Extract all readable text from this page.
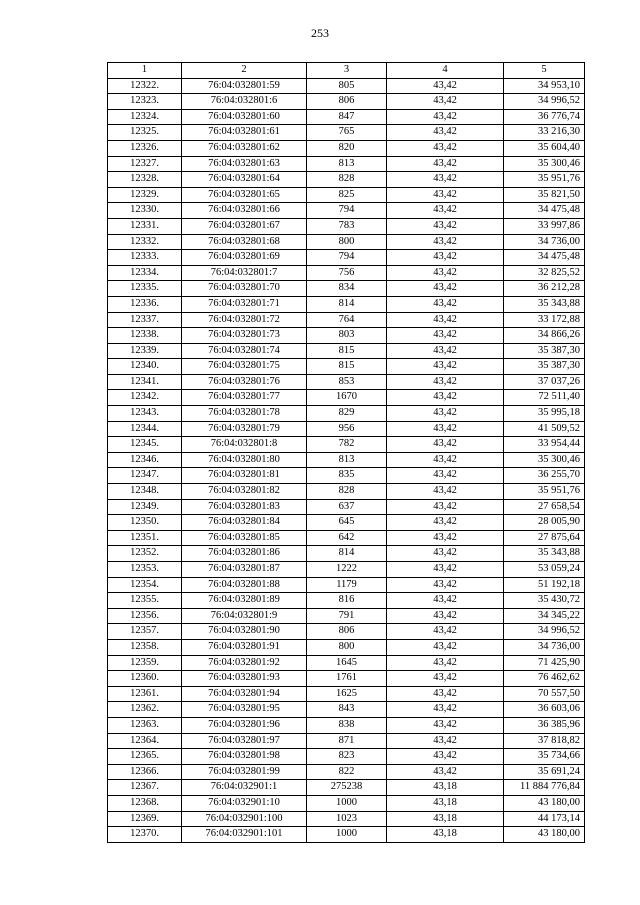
253
1	2	3	4	5
12322.	76:04:032801:59	805	43,42	34 953,10
12323.	76:04:032801:6	806	43,42	34 996,52
12324.	76:04:032801:60	847	43,42	36 776,74
12325.	76:04:032801:61	765	43,42	33 216,30
12326.	76:04:032801:62	820	43,42	35 604,40
12327.	76:04:032801:63	813	43,42	35 300,46
12328.	76:04:032801:64	828	43,42	35 951,76
12329.	76:04:032801:65	825	43,42	35 821,50
12330.	76:04:032801:66	794	43,42	34 475,48
12331.	76:04:032801:67	783	43,42	33 997,86
12332.	76:04:032801:68	800	43,42	34 736,00
12333.	76:04:032801:69	794	43,42	34 475,48
12334.	76:04:032801:7	756	43,42	32 825,52
12335.	76:04:032801:70	834	43,42	36 212,28
12336.	76:04:032801:71	814	43,42	35 343,88
12337.	76:04:032801:72	764	43,42	33 172,88
12338.	76:04:032801:73	803	43,42	34 866,26
12339.	76:04:032801:74	815	43,42	35 387,30
12340.	76:04:032801:75	815	43,42	35 387,30
12341.	76:04:032801:76	853	43,42	37 037,26
12342.	76:04:032801:77	1670	43,42	72 511,40
12343.	76:04:032801:78	829	43,42	35 995,18
12344.	76:04:032801:79	956	43,42	41 509,52
12345.	76:04:032801:8	782	43,42	33 954,44
12346.	76:04:032801:80	813	43,42	35 300,46
12347.	76:04:032801:81	835	43,42	36 255,70
12348.	76:04:032801:82	828	43,42	35 951,76
12349.	76:04:032801:83	637	43,42	27 658,54
12350.	76:04:032801:84	645	43,42	28 005,90
12351.	76:04:032801:85	642	43,42	27 875,64
12352.	76:04:032801:86	814	43,42	35 343,88
12353.	76:04:032801:87	1222	43,42	53 059,24
12354.	76:04:032801:88	1179	43,42	51 192,18
12355.	76:04:032801:89	816	43,42	35 430,72
12356.	76:04:032801:9	791	43,42	34 345,22
12357.	76:04:032801:90	806	43,42	34 996,52
12358.	76:04:032801:91	800	43,42	34 736,00
12359.	76:04:032801:92	1645	43,42	71 425,90
12360.	76:04:032801:93	1761	43,42	76 462,62
12361.	76:04:032801:94	1625	43,42	70 557,50
12362.	76:04:032801:95	843	43,42	36 603,06
12363.	76:04:032801:96	838	43,42	36 385,96
12364.	76:04:032801:97	871	43,42	37 818,82
12365.	76:04:032801:98	823	43,42	35 734,66
12366.	76:04:032801:99	822	43,42	35 691,24
12367.	76:04:032901:1	275238	43,18	11 884 776,84
12368.	76:04:032901:10	1000	43,18	43 180,00
12369.	76:04:032901:100	1023	43,18	44 173,14
12370.	76:04:032901:101	1000	43,18	43 180,00
